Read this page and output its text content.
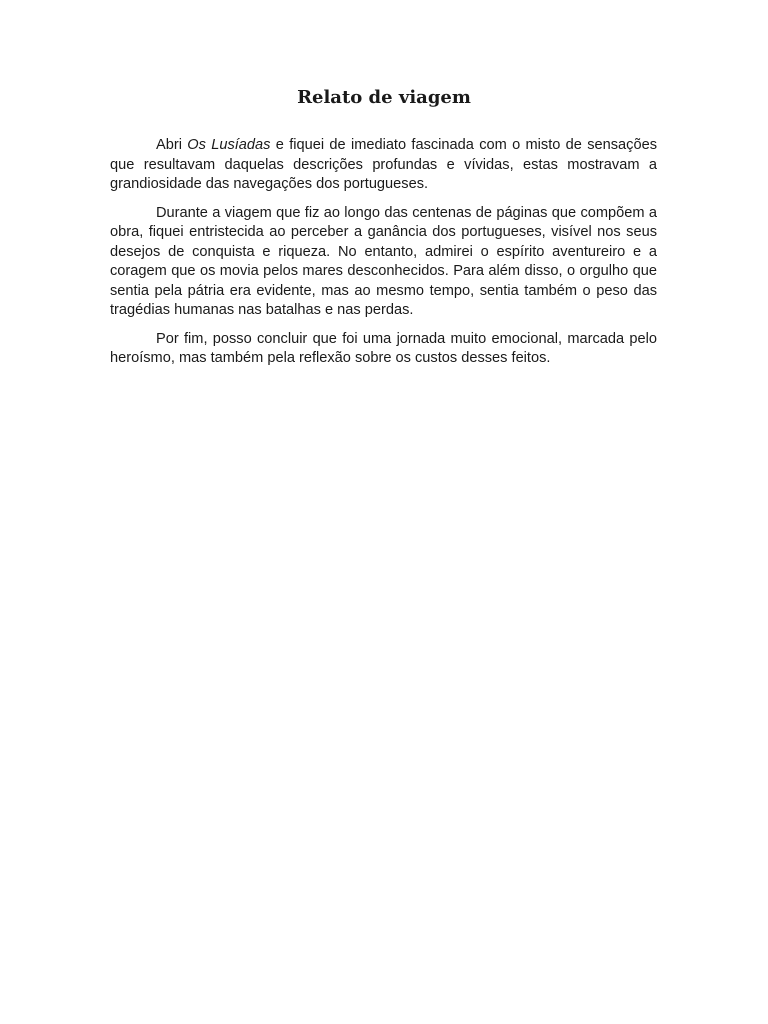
Relato de viagem

Abri Os Lusíadas e fiquei de imediato fascinada com o misto de sensações que resultavam daquelas descrições profundas e vívidas, estas mostravam a grandiosidade das navegações dos portugueses.

Durante a viagem que fiz ao longo das centenas de páginas que compõem a obra, fiquei entristecida ao perceber a ganância dos portugueses, visível nos seus desejos de conquista e riqueza. No entanto, admirei o espírito aventureiro e a coragem que os movia pelos mares desconhecidos. Para além disso, o orgulho que sentia pela pátria era evidente, mas ao mesmo tempo, sentia também o peso das tragédias humanas nas batalhas e nas perdas.

Por fim, posso concluir que foi uma jornada muito emocional, marcada pelo heroísmo, mas também pela reflexão sobre os custos desses feitos.
